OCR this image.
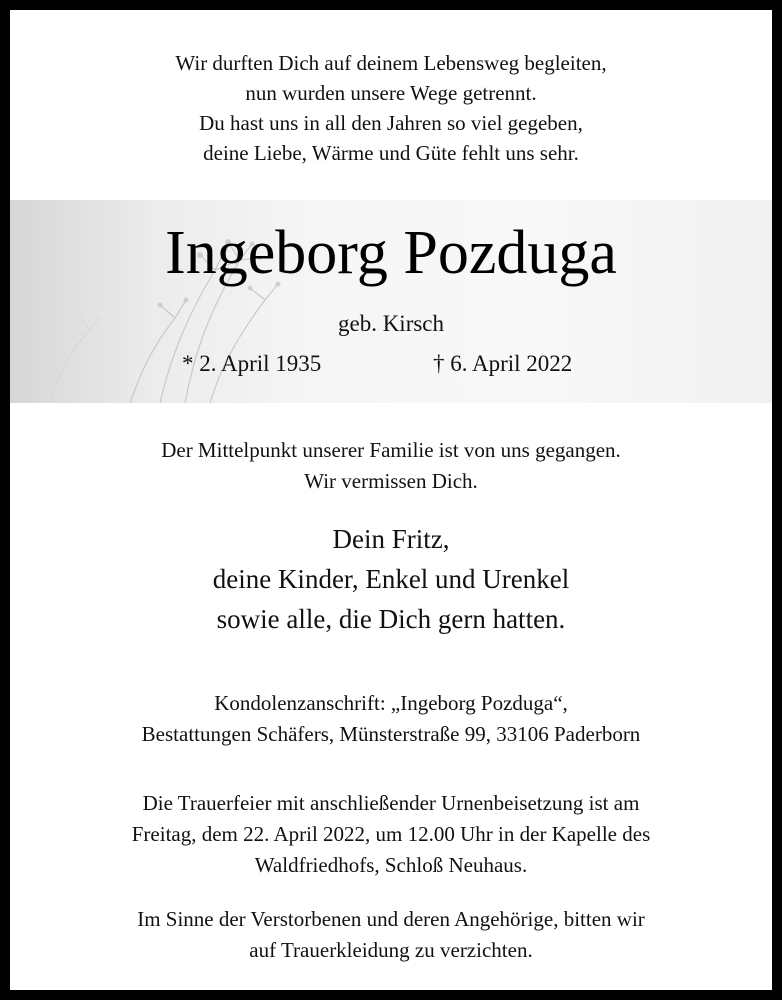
Wir durften Dich auf deinem Lebensweg begleiten,
nun wurden unsere Wege getrennt.
Du hast uns in all den Jahren so viel gegeben,
deine Liebe, Wärme und Güte fehlt uns sehr.
Ingeborg Pozduga
geb. Kirsch
* 2. April 1935	† 6. April 2022
Der Mittelpunkt unserer Familie ist von uns gegangen.
Wir vermissen Dich.
Dein Fritz,
deine Kinder, Enkel und Urenkel
sowie alle, die Dich gern hatten.
Kondolenzanschrift: „Ingeborg Pozduga“,
Bestattungen Schäfers, Münsterstraße 99, 33106 Paderborn
Die Trauerfeier mit anschließender Urnenbeisetzung ist am
Freitag, dem 22. April 2022, um 12.00 Uhr in der Kapelle des
Waldfriedhofs, Schloß Neuhaus.
Im Sinne der Verstorbenen und deren Angehörige, bitten wir
auf Trauerkleidung zu verzichten.
